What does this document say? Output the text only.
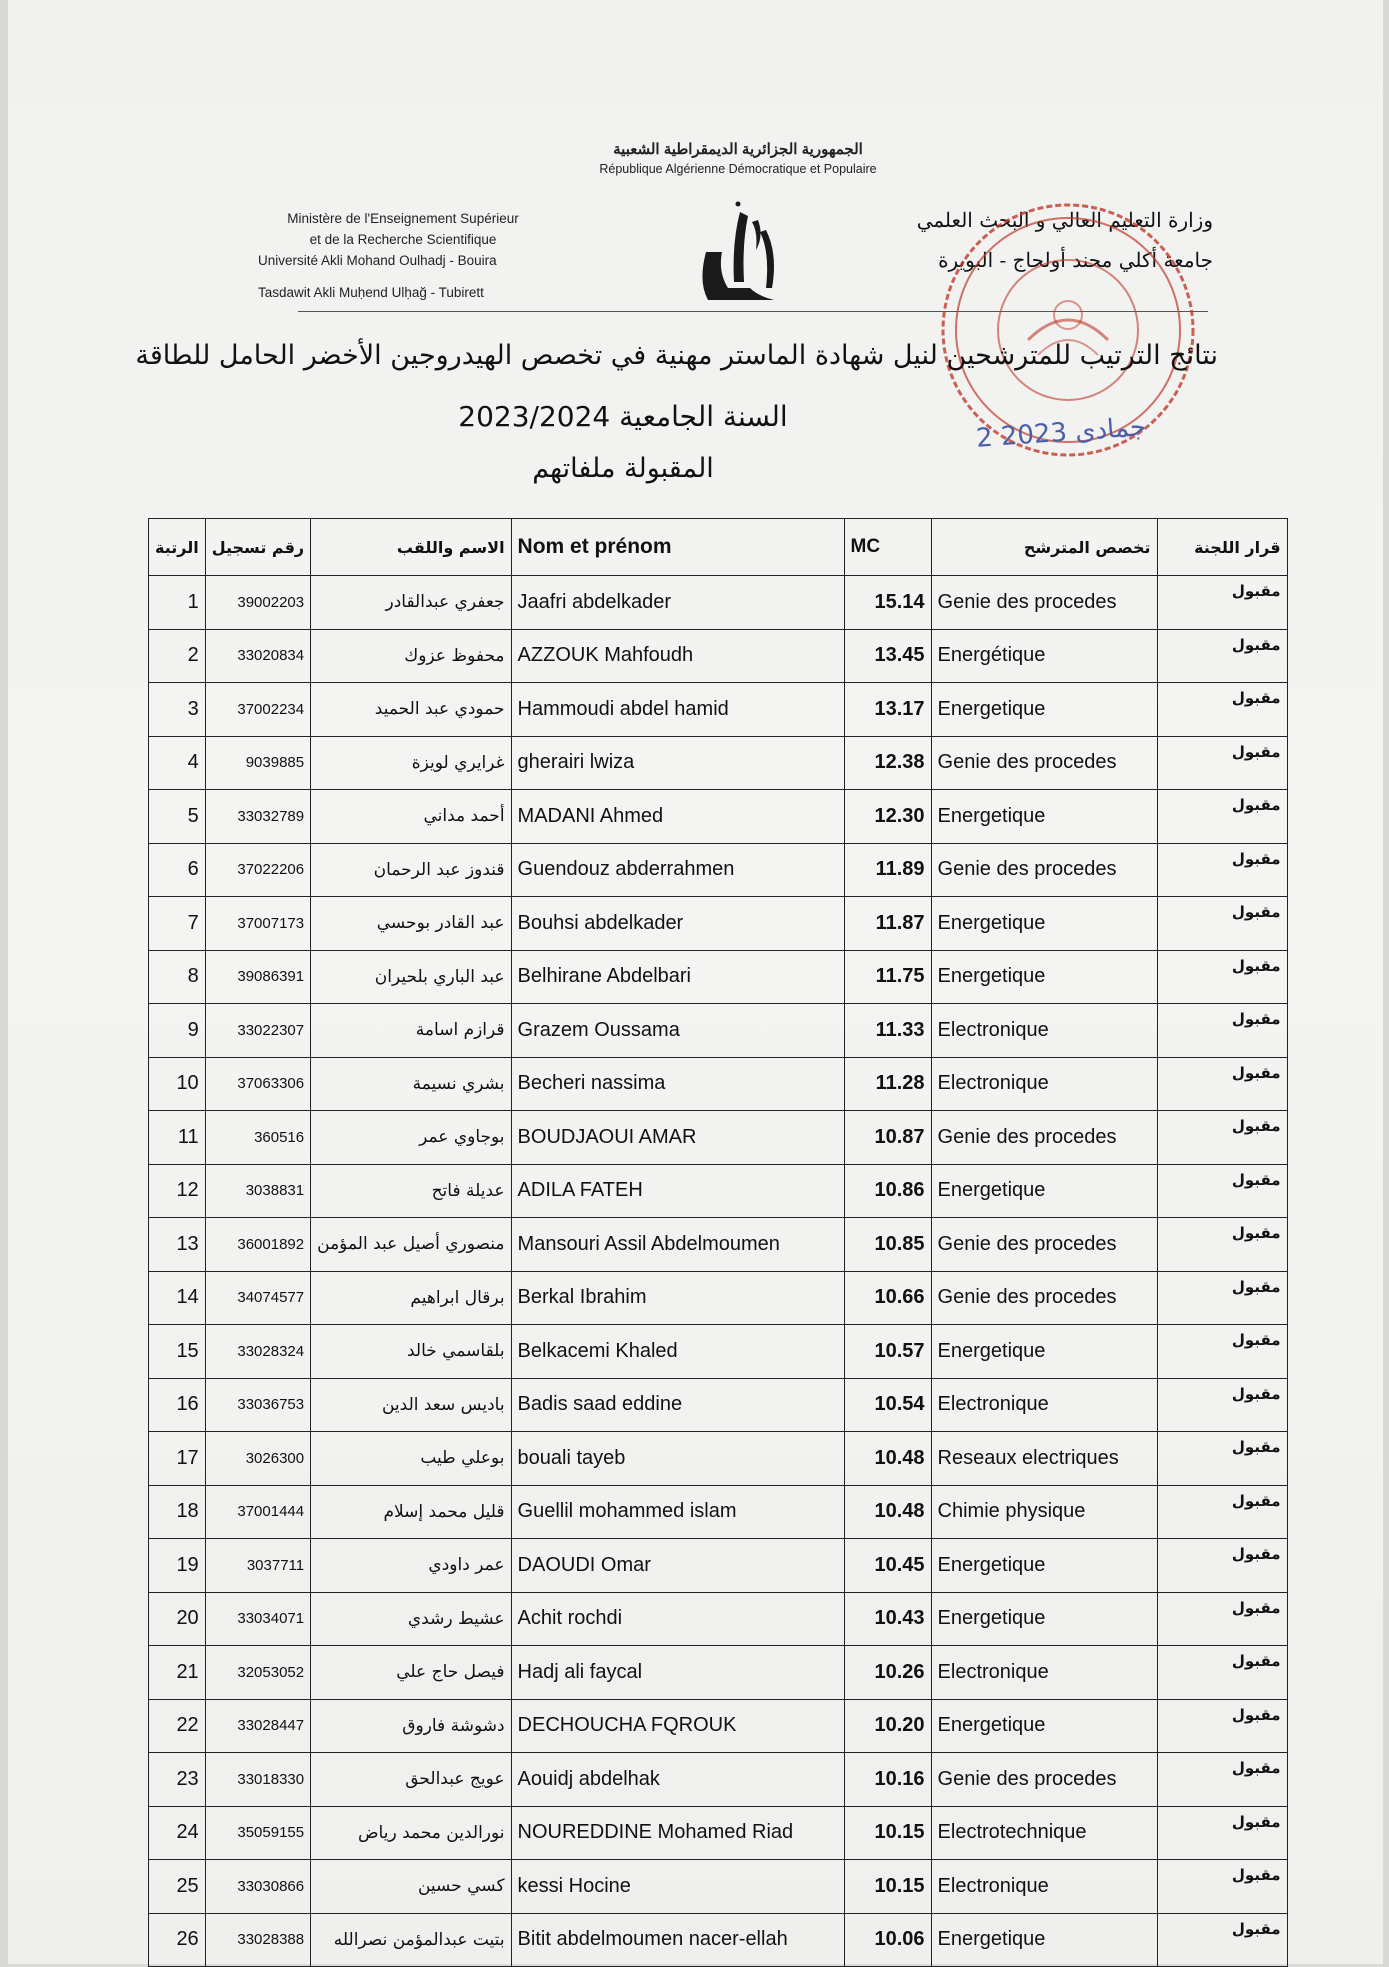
Ministère de l'Enseignement Supérieur
et de la Recherche Scientifique
Université Akli Mohand Oulhadj - Bouira
Tasdawit Akli Muḥend Ulḥağ - Tubirett
الجمهورية الجزائرية الديمقراطية الشعبية
République Algérienne Démocratique et Populaire
وزارة التعليم العالي و البحث العلمي
جامعة أكلي محند أولحاج - البويرة
نتائج الترتيب للمترشحين لنيل شهادة الماستر مهنية في تخصص الهيدروجين الأخضر الحامل للطاقة
السنة الجامعية 2023/2024
المقبولة ملفاتهم
2 جمادى 2023
الرتبة	رقم تسجيل	الاسم واللقب	Nom et prénom	MC	تخصص المترشح	قرار اللجنة
1	39002203	جعفري عبدالقادر	Jaafri abdelkader	15.14	Genie des procedes	مقبول
2	33020834	محفوظ عزوك	AZZOUK Mahfoudh	13.45	Energétique	مقبول
3	37002234	حمودي عبد الحميد	Hammoudi abdel hamid	13.17	Energetique	مقبول
4	9039885	غرايري لويزة	gherairi lwiza	12.38	Genie des procedes	مقبول
5	33032789	أحمد مداني	MADANI Ahmed	12.30	Energetique	مقبول
6	37022206	قندوز عبد الرحمان	Guendouz abderrahmen	11.89	Genie des procedes	مقبول
7	37007173	عبد القادر بوحسي	Bouhsi abdelkader	11.87	Energetique	مقبول
8	39086391	عبد الباري بلحيران	Belhirane Abdelbari	11.75	Energetique	مقبول
9	33022307	قرازم اسامة	Grazem Oussama	11.33	Electronique	مقبول
10	37063306	بشري نسيمة	Becheri nassima	11.28	Electronique	مقبول
11	360516	بوجاوي عمر	BOUDJAOUI AMAR	10.87	Genie des procedes	مقبول
12	3038831	عديلة فاتح	ADILA FATEH	10.86	Energetique	مقبول
13	36001892	منصوري أصيل عبد المؤمن	Mansouri Assil Abdelmoumen	10.85	Genie des procedes	مقبول
14	34074577	برقال ابراهيم	Berkal Ibrahim	10.66	Genie des procedes	مقبول
15	33028324	بلقاسمي خالد	Belkacemi Khaled	10.57	Energetique	مقبول
16	33036753	باديس سعد الدين	Badis saad eddine	10.54	Electronique	مقبول
17	3026300	بوعلي طيب	bouali tayeb	10.48	Reseaux electriques	مقبول
18	37001444	قليل محمد إسلام	Guellil mohammed islam	10.48	Chimie physique	مقبول
19	3037711	عمر داودي	DAOUDI Omar	10.45	Energetique	مقبول
20	33034071	عشيط رشدي	Achit rochdi	10.43	Energetique	مقبول
21	32053052	فيصل حاج علي	Hadj ali faycal	10.26	Electronique	مقبول
22	33028447	دشوشة فاروق	DECHOUCHA FQROUK	10.20	Energetique	مقبول
23	33018330	عويج عبدالحق	Aouidj abdelhak	10.16	Genie des procedes	مقبول
24	35059155	نورالدين محمد رياض	NOUREDDINE Mohamed Riad	10.15	Electrotechnique	مقبول
25	33030866	كسي حسين	kessi Hocine	10.15	Electronique	مقبول
26	33028388	بتيت عبدالمؤمن نصرالله	Bitit abdelmoumen nacer-ellah	10.06	Energetique	مقبول
